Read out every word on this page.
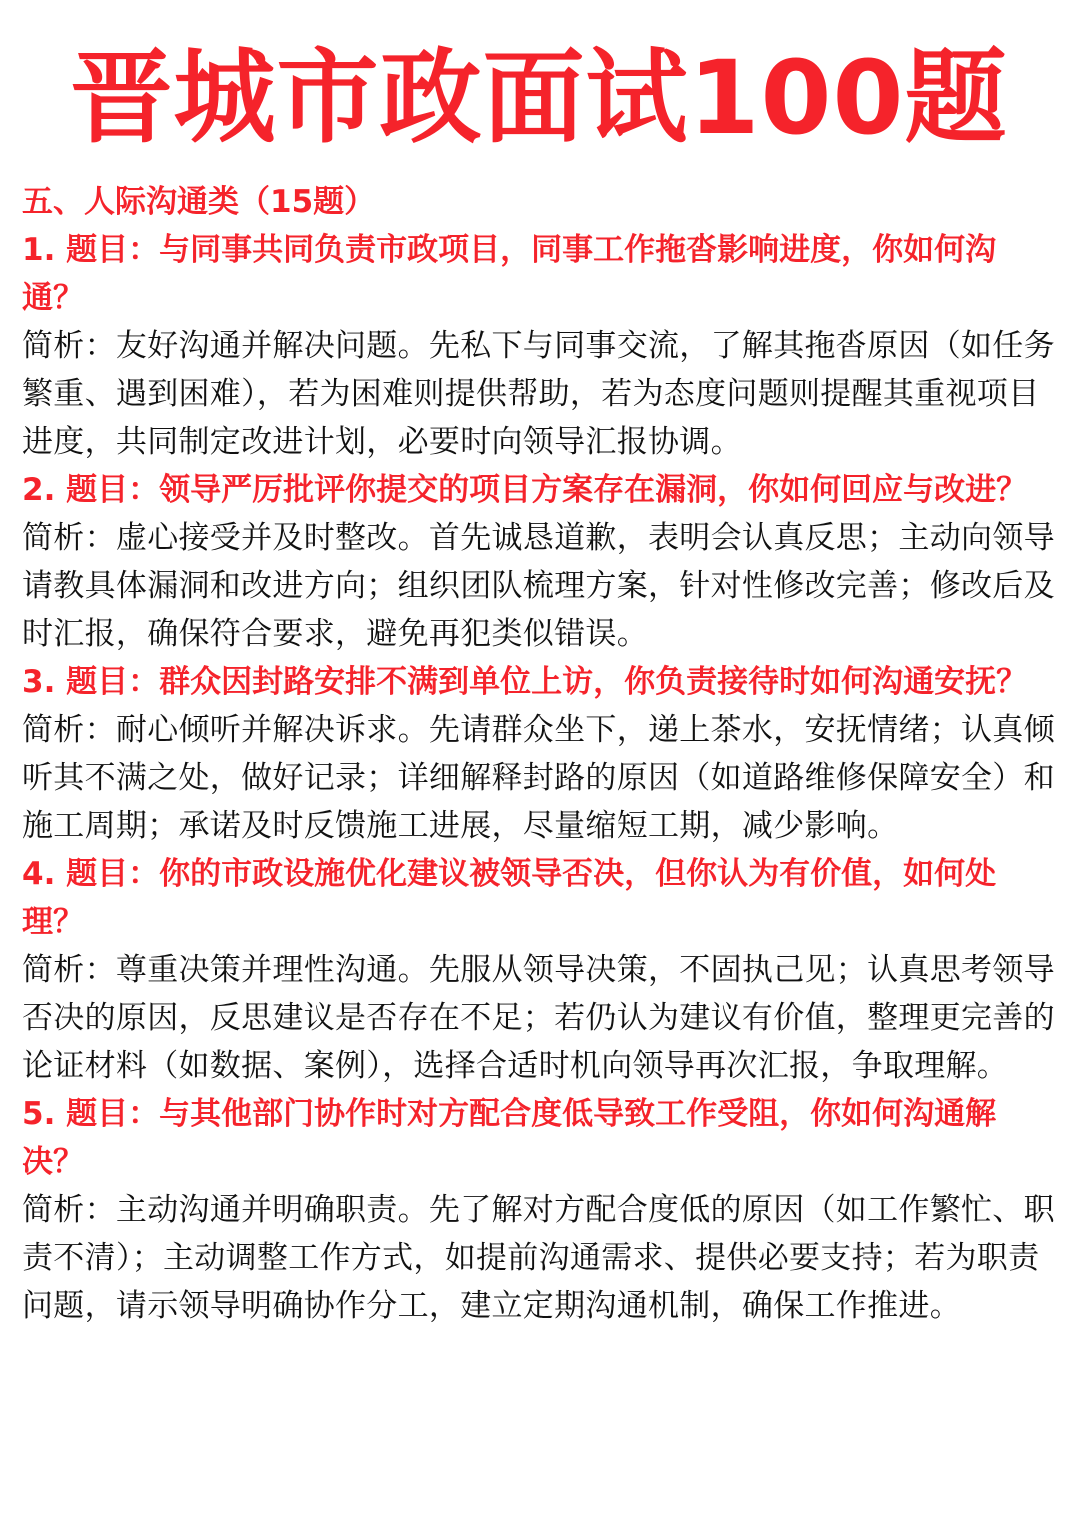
晋城市政面试100题
五、人际沟通类（15题）
1. 题目：与同事共同负责市政项目，同事工作拖沓影响进度，你如何沟通？
简析：友好沟通并解决问题。先私下与同事交流，了解其拖沓原因（如任务繁重、遇到困难），若为困难则提供帮助，若为态度问题则提醒其重视项目进度，共同制定改进计划，必要时向领导汇报协调。
2. 题目：领导严厉批评你提交的项目方案存在漏洞，你如何回应与改进？
简析：虚心接受并及时整改。首先诚恳道歉，表明会认真反思；主动向领导请教具体漏洞和改进方向；组织团队梳理方案，针对性修改完善；修改后及时汇报，确保符合要求，避免再犯类似错误。
3. 题目：群众因封路安排不满到单位上访，你负责接待时如何沟通安抚？
简析：耐心倾听并解决诉求。先请群众坐下，递上茶水，安抚情绪；认真倾听其不满之处，做好记录；详细解释封路的原因（如道路维修保障安全）和施工周期；承诺及时反馈施工进展，尽量缩短工期，减少影响。
4. 题目：你的市政设施优化建议被领导否决，但你认为有价值，如何处理？
简析：尊重决策并理性沟通。先服从领导决策，不固执己见；认真思考领导否决的原因，反思建议是否存在不足；若仍认为建议有价值，整理更完善的论证材料（如数据、案例），选择合适时机向领导再次汇报，争取理解。
5. 题目：与其他部门协作时对方配合度低导致工作受阻，你如何沟通解决？
简析：主动沟通并明确职责。先了解对方配合度低的原因（如工作繁忙、职责不清）；主动调整工作方式，如提前沟通需求、提供必要支持；若为职责问题，请示领导明确协作分工，建立定期沟通机制，确保工作推进。
